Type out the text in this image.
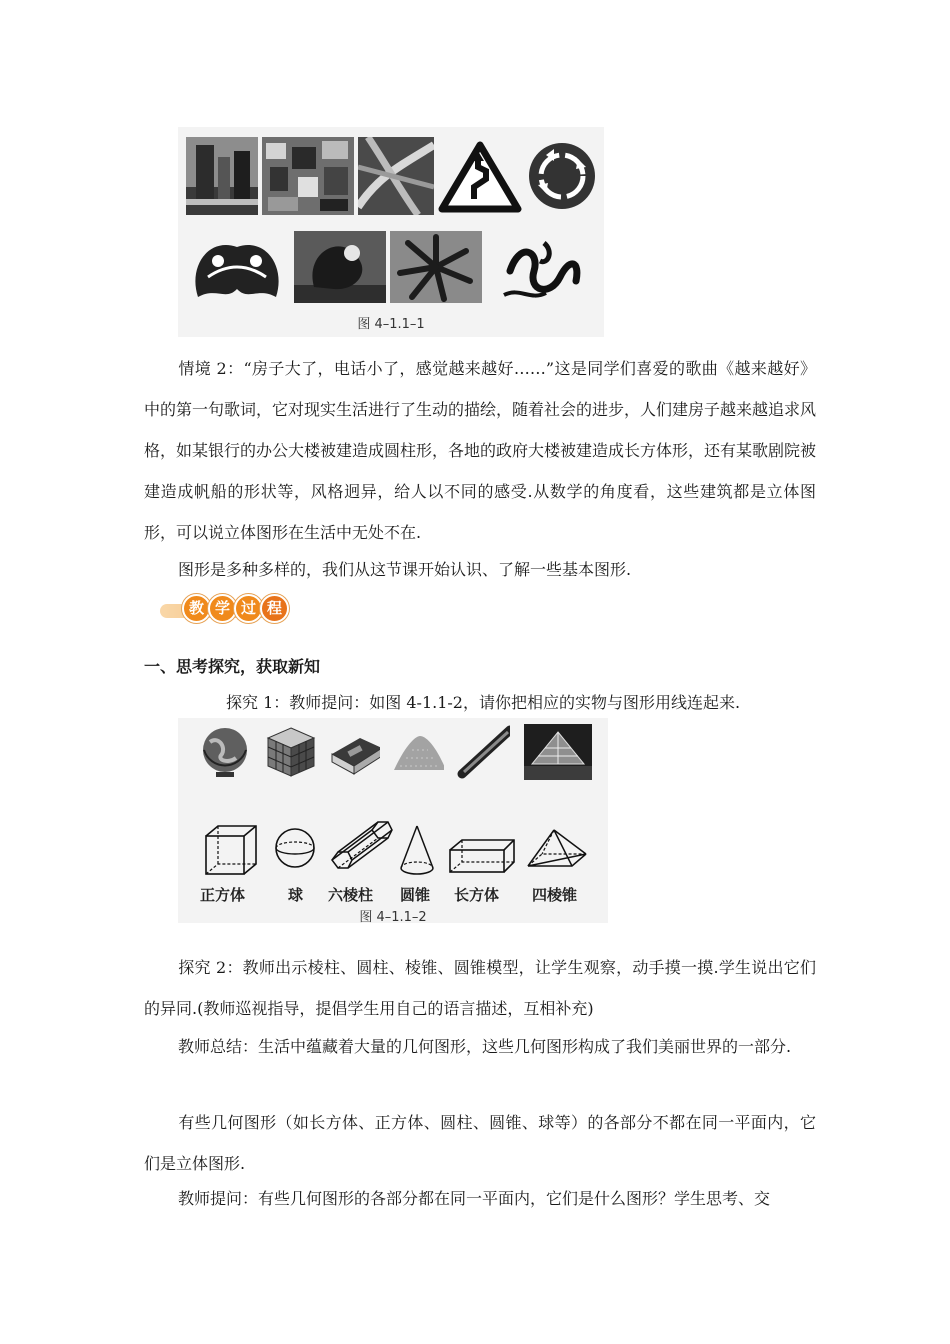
图 4–1.1–1

情境 2：“房子大了，电话小了，感觉越来越好……”这是同学们喜爱的歌曲《越来越好》中的第一句歌词，它对现实生活进行了生动的描绘，随着社会的进步，人们建房子越来越追求风格，如某银行的办公大楼被建造成圆柱形，各地的政府大楼被建造成长方体形，还有某歌剧院被建造成帆船的形状等，风格迥异，给人以不同的感受.从数学的角度看，这些建筑都是立体图形，可以说立体图形在生活中无处不在.

图形是多种多样的，我们从这节课开始认识、了解一些基本图形.

教 学 过 程
一、思考探究，获取新知
探究 1：教师提问：如图 4-1.1-2，请你把相应的实物与图形用线连起来.
正方体	球 六棱柱 圆锥 长方体 四棱锥
图 4–1.1–2

探究 2：教师出示棱柱、圆柱、棱锥、圆锥模型，让学生观察，动手摸一摸.学生说出它们的异同.(教师巡视指导，提倡学生用自己的语言描述，互相补充)

教师总结：生活中蕴藏着大量的几何图形，这些几何图形构成了我们美丽世界的一部分.

有些几何图形（如长方体、正方体、圆柱、圆锥、球等）的各部分不都在同一平面内，它们是立体图形.

教师提问：有些几何图形的各部分都在同一平面内，它们是什么图形？学生思考、交
